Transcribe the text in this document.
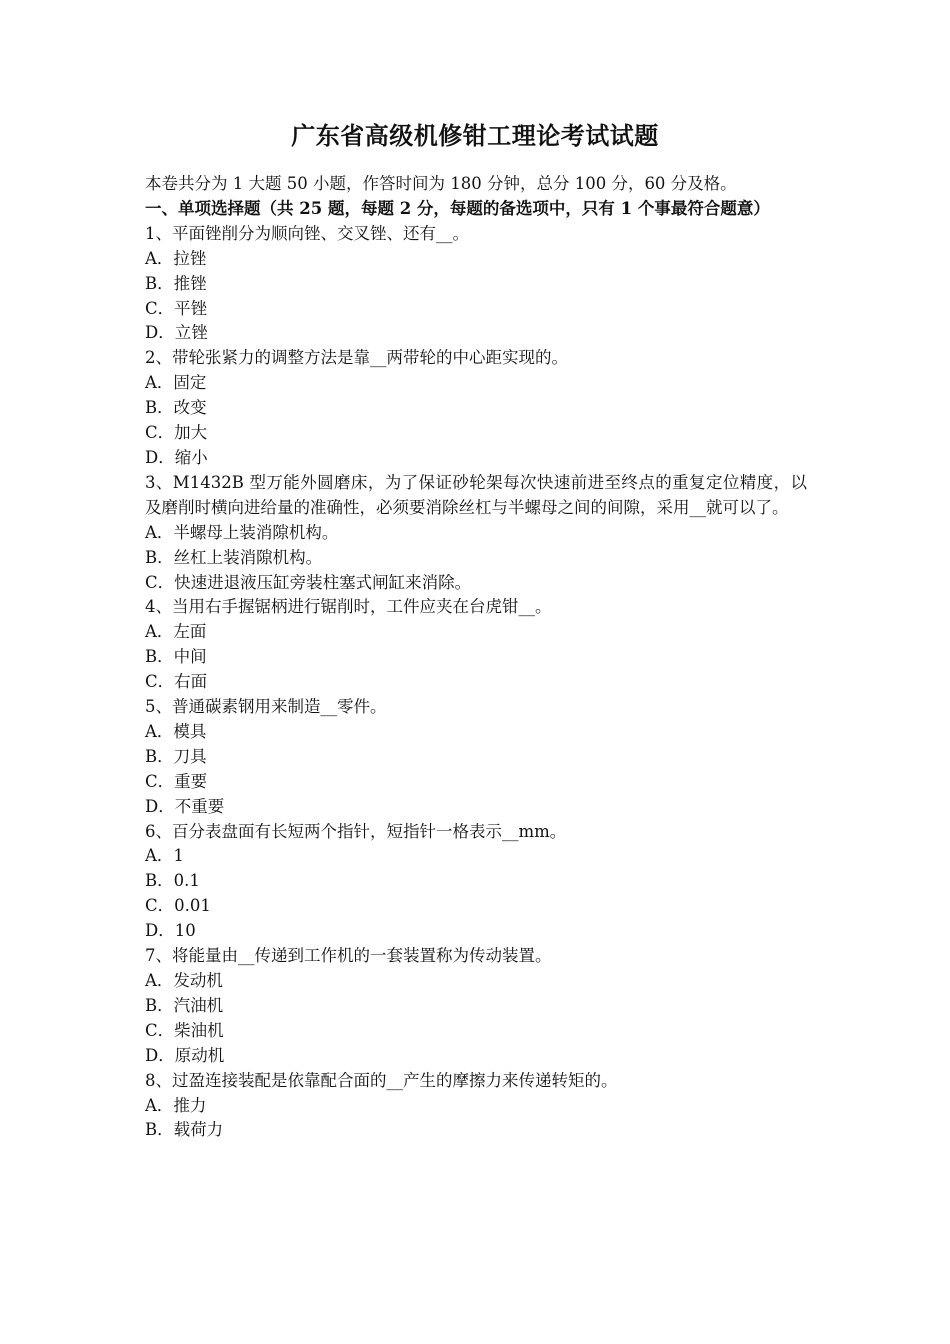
广东省高级机修钳工理论考试试题
本卷共分为 1 大题 50 小题，作答时间为 180 分钟，总分 100 分，60 分及格。
一、单项选择题（共 25 题，每题 2 分，每题的备选项中，只有 1 个事最符合题意）
1、平面锉削分为顺向锉、交叉锉、还有__。
A．拉锉
B．推锉
C．平锉
D．立锉
2、带轮张紧力的调整方法是靠__两带轮的中心距实现的。
A．固定
B．改变
C．加大
D．缩小
3、M1432B 型万能外圆磨床，为了保证砂轮架每次快速前进至终点的重复定位精度，以及磨削时横向进给量的准确性，必须要消除丝杠与半螺母之间的间隙，采用__就可以了。
A．半螺母上装消隙机构。
B．丝杠上装消隙机构。
C．快速进退液压缸旁装柱塞式闸缸来消除。
4、当用右手握锯柄进行锯削时，工件应夹在台虎钳__。
A．左面
B．中间
C．右面
5、普通碳素钢用来制造__零件。
A．模具
B．刀具
C．重要
D．不重要
6、百分表盘面有长短两个指针，短指针一格表示__mm。
A．1
B．0.1
C．0.01
D．10
7、将能量由__传递到工作机的一套装置称为传动装置。
A．发动机
B．汽油机
C．柴油机
D．原动机
8、过盈连接装配是依靠配合面的__产生的摩擦力来传递转矩的。
A．推力
B．载荷力
